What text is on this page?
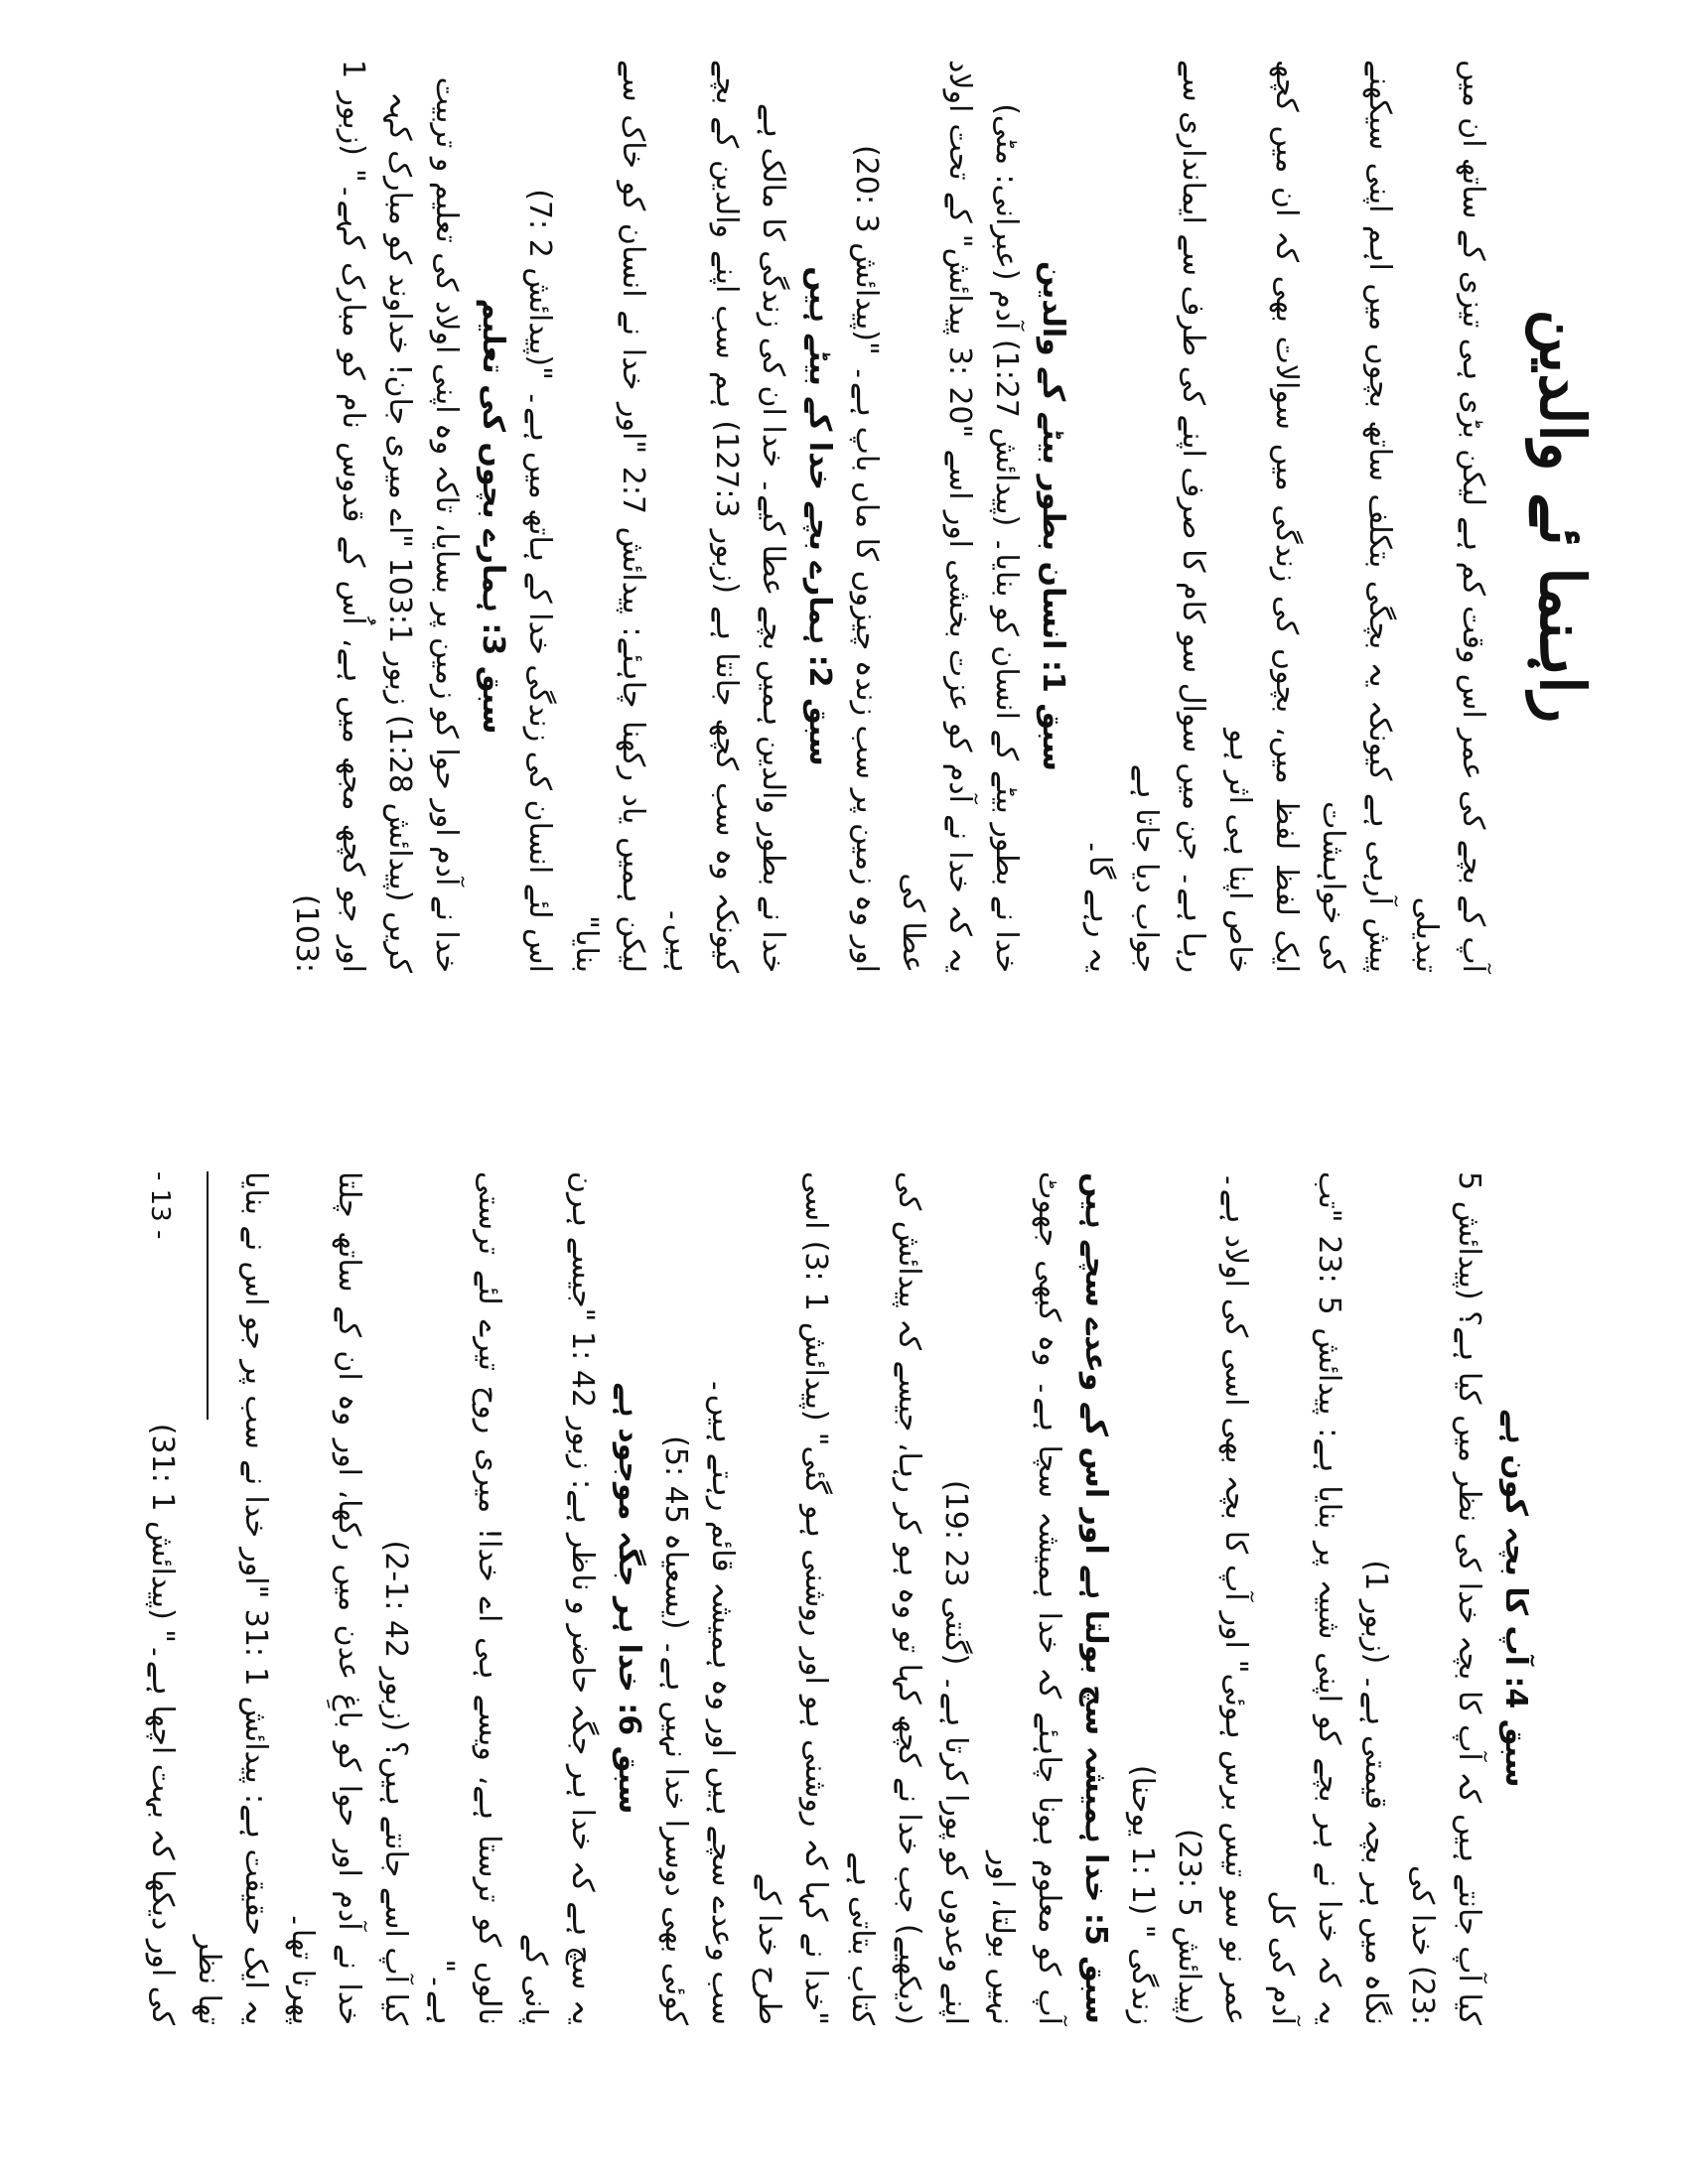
راہنما ئے والدین

آپ کے بچے کی عمر اس وقت کم ہے لیکن بڑی ہی تیزی کے ساتھ ان میں تبدیلی

پیش آرہی ہے کیونکہ یہ بچگی بتکلف ساتھ بچوں میں اہم اپنی سیکھنے کی خواہشات

ایک لفظ لفظ میں، بچوں کی زندگی میں سوالات بھی کہ ان میں کچھ خاص اپنا ہی اثر ہو

رہا ہے۔ جن میں سوال سو کام کا صرف اپنے کی طرف سے ایمانداری سے جواب دیا جاتا ہے

یہ رہے گا۔

سبق 1: انسان بطور بیٹے کے والدین

خدا نے بطور بیٹے کے انسان کو بنایا۔ (پیدائش 1:27) آدم (عبرانی: مٹی)

یہ کہ خدا نے آدم کو عزت بخشی اور اسے "20 :3 پیدائش" کے تحت اولاد عطا کی

اور وہ زمین پر سب زندہ چیزوں کا ماں باپ ہے۔ "(پیدائش 3 :20)

سبق 2: ہمارے بچے خدا کے بیٹے ہیں

خدا نے بطور والدین ہمیں بچے عطا کیے۔ خدا ان کی زندگی کا مالک ہے

کیونکہ وہ سب کچھ جانتا ہے (زبور 127:3) ہم سب اپنے والدین کے بچے ہیں۔

لیکن ہمیں یاد رکھنا چاہئے: پیدائش 2:7 "اور خدا نے انسان کو خاک سے بنایا"

اس لئے انسان کی زندگی خدا کے ہاتھ میں ہے۔ "(پیدائش 2 :7)

سبق 3: ہمارے بچوں کی تعلیم

خدا نے آدم اور حوا کو زمین پر بسایا، تاکہ وہ اپنی اولاد کی تعلیم و تربیت

کریں (پیدائش 1:28) زبور 103:1 "اے میری جان! خداوند کو مبارک کہہ

اور جو کچھ مجھ میں ہے، اُس کے قدوس نام کو مبارک کہے۔" (زبور 1 :103)

سبق 4: آپ کا بچہ کون ہے

کیا آپ جانتے ہیں کہ آپ کا بچہ خدا کی نظر میں کیا ہے؟ (پیدائش 5 :23) خدا کی

نگاہ میں ہر بچہ قیمتی ہے۔ (زبور 1)

یہ کہ خدا نے ہر بچے کو اپنی شبیہ پر بنایا ہے: پیدائش 5 :23 "تب آدم کی کل

عمر نو سو تیس برس ہوئی" اور آپ کا بچہ بھی اسی کی اولاد ہے۔ (پیدائش 5 :23)

زندگی " (1 :1 یوحنا)

سبق 5: خدا ہمیشہ سچ بولتا ہے اور اس کے وعدے سچے ہیں

آپ کو معلوم ہونا چاہئے کہ خدا ہمیشہ سچا ہے۔ وہ کبھی جھوٹ نہیں بولتا، اور

اپنے وعدوں کو پورا کرتا ہے۔ (گنتی 23 :19)

(دیکھیے) جب خدا نے کچھ کہا تو وہ ہو کر رہا، جیسے کہ پیدائش کی کتاب بتاتی ہے

"خدا نے کہا کہ روشنی ہو اور روشنی ہو گئی" (پیدائش 1 :3) اسی طرح خدا کے

سب وعدے سچے ہیں اور وہ ہمیشہ قائم رہتے ہیں۔

کوئی بھی دوسرا خدا نہیں ہے۔ (یسعیاہ 45 :5)

سبق 6: خدا ہر جگہ موجود ہے

یہ سچ ہے کہ خدا ہر جگہ حاضر و ناظر ہے: زبور 42 :1 "جیسے ہرن پانی کے

نالوں کو ترستا ہے، ویسے ہی اے خدا! میری روح تیرے لئے ترستی ہے۔"

کیا آپ اسے جانتے ہیں؟ (زبور 42 :1-2)

خدا نے آدم اور حوا کو باغِ عدن میں رکھا، اور وہ ان کے ساتھ چلتا پھرتا تھا۔

یہ ایک حقیقت ہے: پیدائش 1 :31 "اور خدا نے سب پر جو اس نے بنایا تھا نظر

کی اور دیکھا کہ بہت اچھا ہے۔" (پیدائش 1 :31)

- 13 -
